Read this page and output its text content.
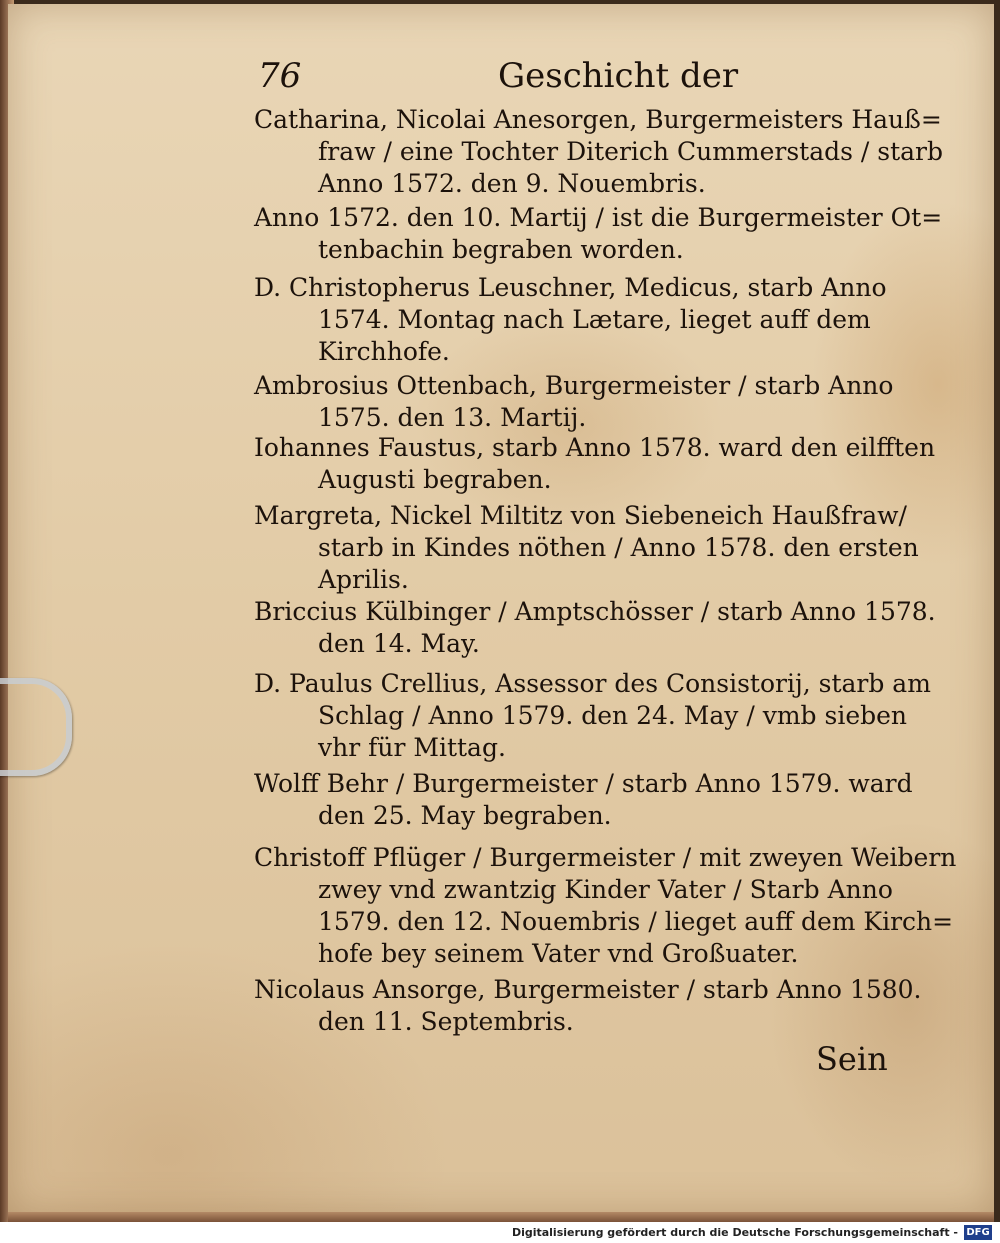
76	Geschicht der
Catharina, Nicolai Anesorgen, Burgermeisters Hauß=
fraw / eine Tochter Diterich Cummerstads / starb
Anno 1572. den 9. Nouembris.
Anno 1572. den 10. Martij / ist die Burgermeister Ot=
tenbachin begraben worden.
D. Christopherus Leuschner, Medicus, starb Anno
1574. Montag nach Lætare, lieget auff dem
Kirchhofe.
Ambrosius Ottenbach, Burgermeister / starb Anno
1575. den 13. Martij.
Iohannes Faustus, starb Anno 1578. ward den eilfften
Augusti begraben.
Margreta, Nickel Miltitz von Siebeneich Haußfraw/
starb in Kindes nöthen / Anno 1578. den ersten
Aprilis.
Briccius Külbinger / Amptschösser / starb Anno 1578.
den 14. May.
D. Paulus Crellius, Assessor des Consistorij, starb am
Schlag / Anno 1579. den 24. May / vmb sieben
vhr für Mittag.
Wolff Behr / Burgermeister / starb Anno 1579. ward
den 25. May begraben.
Christoff Pflüger / Burgermeister / mit zweyen Weibern
zwey vnd zwantzig Kinder Vater / Starb Anno
1579. den 12. Nouembris / lieget auff dem Kirch=
hofe bey seinem Vater vnd Großuater.
Nicolaus Ansorge, Burgermeister / starb Anno 1580.
den 11. Septembris.
Sein
Digitalisierung gefördert durch die Deutsche Forschungsgemeinschaft - DFG
